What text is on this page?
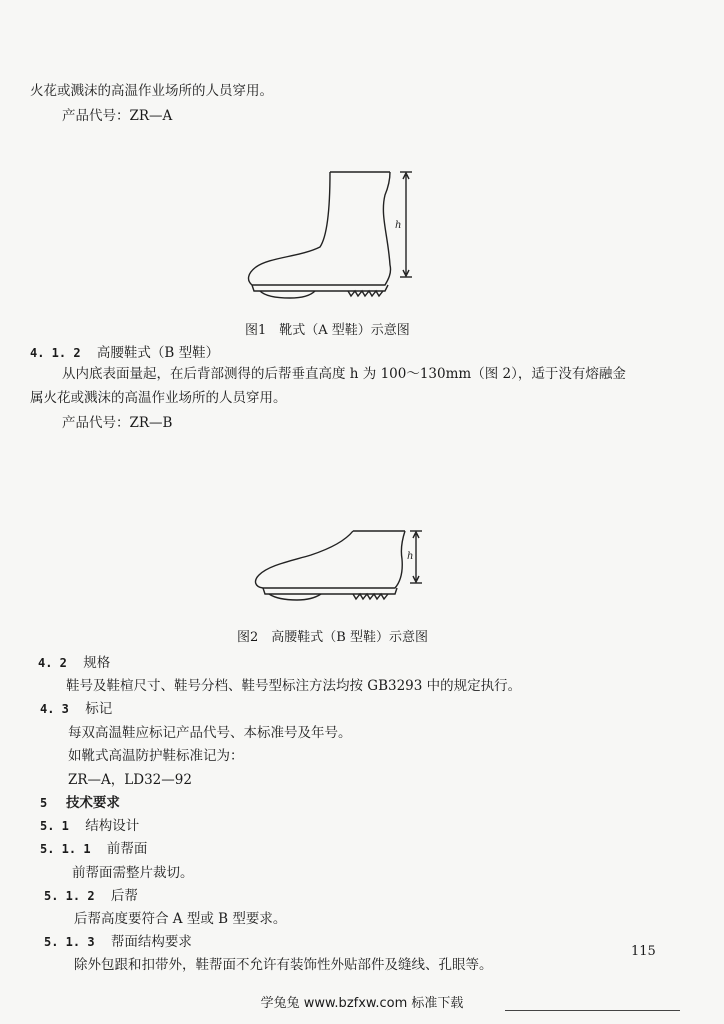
火花或溅沫的高温作业场所的人员穿用。
产品代号：ZR—A
h
图1　靴式（A 型鞋）示意图
4. 1. 2 高腰鞋式（B 型鞋）
从内底表面量起，在后背部测得的后帮垂直高度 h 为 100～130mm（图 2），适于没有熔融金
属火花或溅沫的高温作业场所的人员穿用。
产品代号：ZR—B
h
图2　高腰鞋式（B 型鞋）示意图
4. 2 规格
鞋号及鞋楦尺寸、鞋号分档、鞋号型标注方法均按 GB3293 中的规定执行。
4. 3 标记
每双高温鞋应标记产品代号、本标准号及年号。
如靴式高温防护鞋标准记为：
ZR—A，LD32—92
5 技术要求
5. 1 结构设计
5. 1. 1 前帮面
前帮面需整片裁切。
5. 1. 2 后帮
后帮高度要符合 A 型或 B 型要求。
5. 1. 3 帮面结构要求
除外包跟和扣带外，鞋帮面不允许有装饰性外贴部件及缝线、孔眼等。
115
学兔兔 www.bzfxw.com 标准下载
